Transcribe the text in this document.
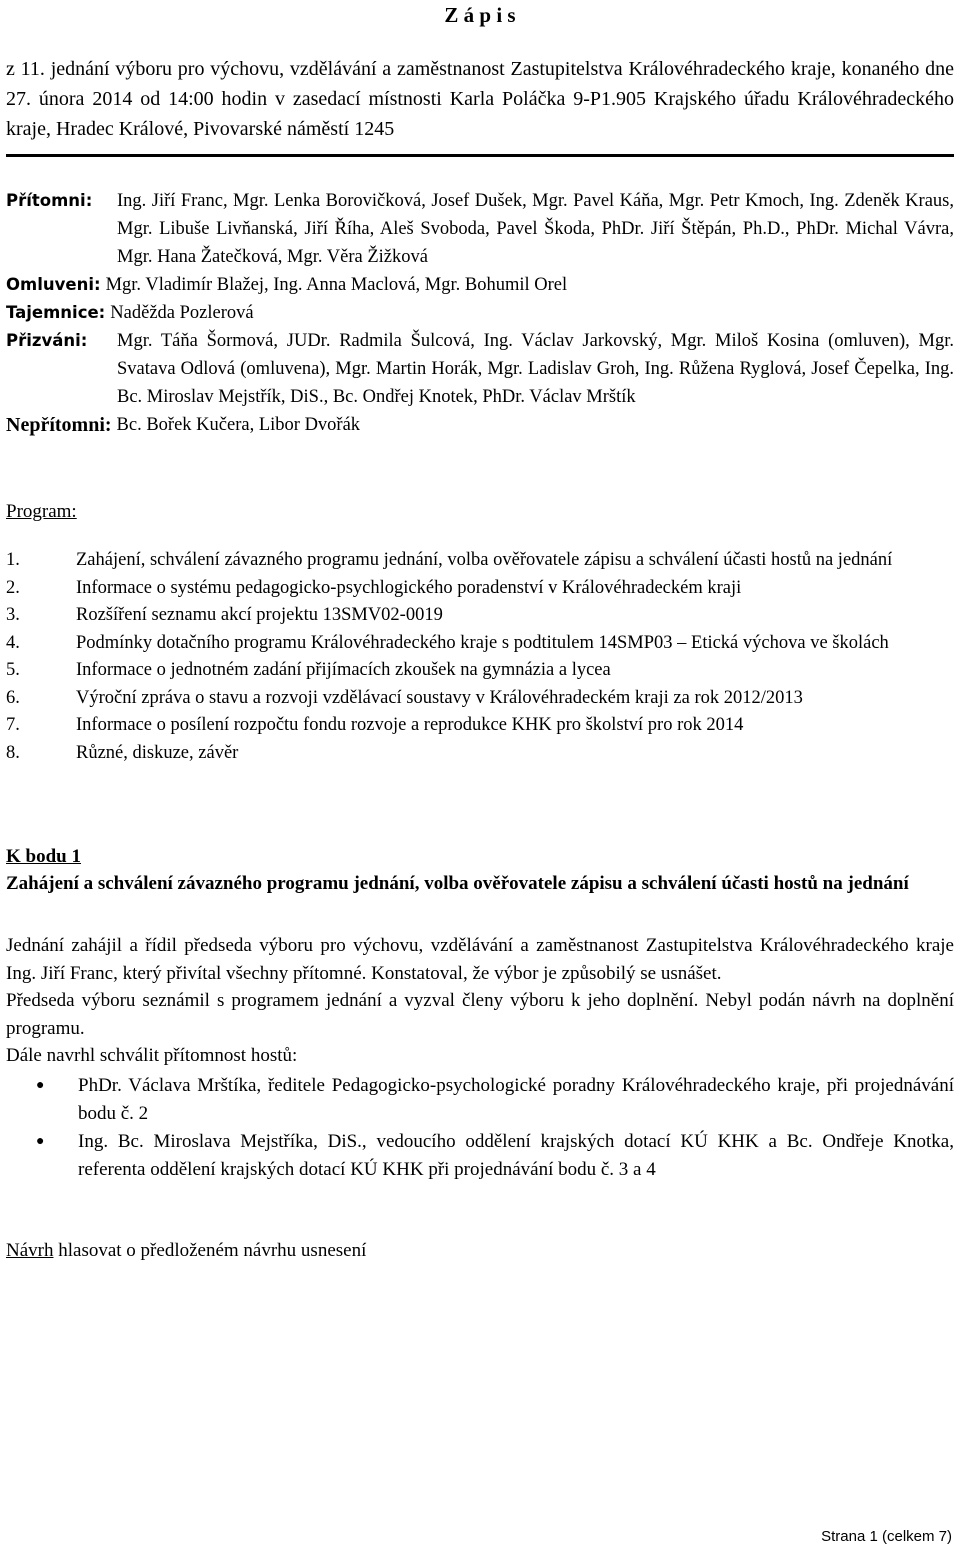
Z á p i s
z 11. jednání výboru pro výchovu, vzdělávání a zaměstnanost Zastupitelstva Královéhradeckého kraje, konaného dne 27. února 2014 od 14:00 hodin v zasedací místnosti Karla Poláčka 9-P1.905 Krajského úřadu Královéhradeckého kraje, Hradec Králové, Pivovarské náměstí 1245
Přítomni:	Ing. Jiří Franc, Mgr. Lenka Borovičková, Josef Dušek, Mgr. Pavel Káňa, Mgr. Petr Kmoch, Ing. Zdeněk Kraus, Mgr. Libuše Livňanská, Jiří Říha, Aleš Svoboda, Pavel Škoda, PhDr. Jiří Štěpán, Ph.D., PhDr. Michal Vávra, Mgr. Hana Žatečková, Mgr. Věra Žižková
Omluveni: Mgr. Vladimír Blažej, Ing. Anna Maclová, Mgr. Bohumil Orel
Tajemnice: Naděžda Pozlerová
Přizváni:	Mgr. Táňa Šormová, JUDr. Radmila Šulcová, Ing. Václav Jarkovský, Mgr. Miloš Kosina (omluven), Mgr. Svatava Odlová (omluvena), Mgr. Martin Horák, Mgr. Ladislav Groh, Ing. Růžena Ryglová, Josef Čepelka, Ing. Bc. Miroslav Mejstřík, DiS., Bc. Ondřej Knotek, PhDr. Václav Mrštík
Nepřítomni: Bc. Bořek Kučera, Libor Dvořák
Program:
1.	Zahájení, schválení závazného programu jednání, volba ověřovatele zápisu a schválení účasti hostů na jednání
2.	Informace o systému pedagogicko-psychlogického poradenství v Královéhradeckém kraji
3.	Rozšíření seznamu akcí projektu 13SMV02-0019
4.	Podmínky dotačního programu Královéhradeckého kraje s podtitulem 14SMP03 – Etická výchova ve školách
5.	Informace o jednotném zadání přijímacích zkoušek na gymnázia a lycea
6.	Výroční zpráva o stavu a rozvoji vzdělávací soustavy v Královéhradeckém kraji za rok 2012/2013
7.	Informace o posílení rozpočtu fondu rozvoje a reprodukce KHK pro školství pro rok 2014
8.	Různé, diskuze, závěr
K bodu 1
Zahájení a schválení závazného programu jednání, volba ověřovatele zápisu a schválení účasti hostů na jednání
Jednání zahájil a řídil předseda výboru pro výchovu, vzdělávání a zaměstnanost Zastupitelstva Královéhradeckého kraje Ing. Jiří Franc, který přivítal všechny přítomné. Konstatoval, že výbor je způsobilý se usnášet.
Předseda výboru seznámil s programem jednání a vyzval členy výboru k jeho doplnění. Nebyl podán návrh na doplnění programu.
Dále navrhl schválit přítomnost hostů:
●	PhDr. Václava Mrštíka, ředitele Pedagogicko-psychologické poradny Královéhradeckého kraje, při projednávání bodu č. 2
●	Ing. Bc. Miroslava Mejstříka, DiS., vedoucího oddělení krajských dotací KÚ KHK a Bc. Ondřeje Knotka, referenta oddělení krajských dotací KÚ KHK při projednávání bodu č. 3 a 4
Návrh hlasovat o předloženém návrhu usnesení
Strana 1 (celkem 7)
